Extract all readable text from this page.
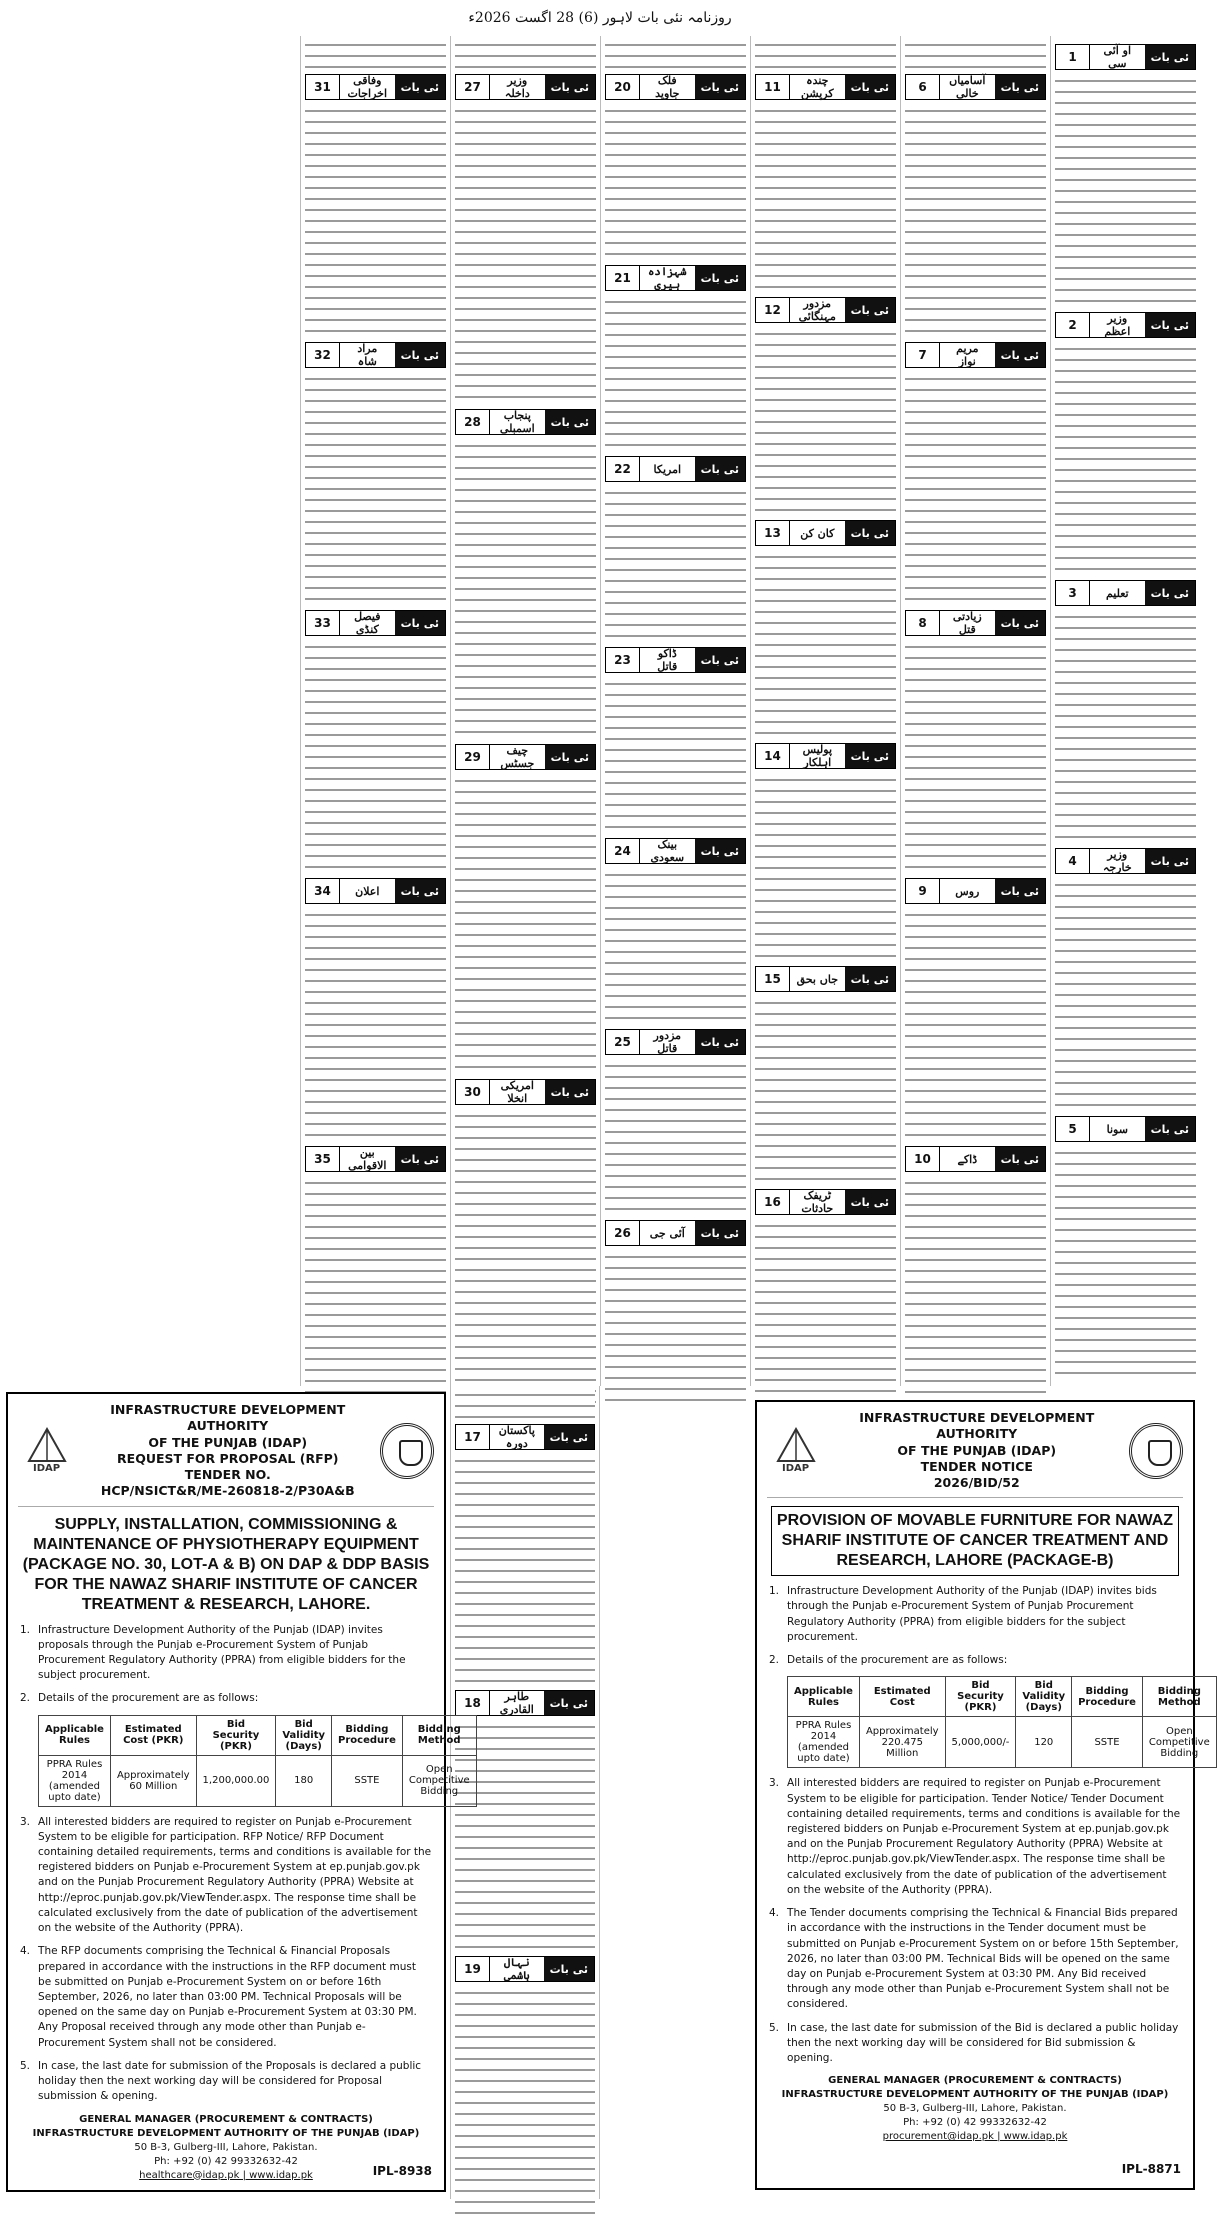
روزنامہ نئی بات لاہور (6) 28 اگست 2026ء
ئی بات
او آئی سی
1
ئی بات
وزیر اعظم
2
ئی بات
تعلیم
3
ئی بات
وزیر خارجہ
4
ئی بات
سونا
5
ئی بات
آسامیاں خالی
6
ئی بات
مریم نواز
7
ئی بات
زیادتی قتل
8
ئی بات
روس
9
ئی بات
ڈاکے
10
ئی بات
چندہ کرپشن
11
ئی بات
مزدور مہنگائی
12
ئی بات
کان کن
13
ئی بات
پولیس اہلکار
14
ئی بات
جاں بحق
15
ئی بات
ٹریفک حادثات
16
ئی بات
فلک جاوید
20
ئی بات
شہزادہ ہیری
21
ئی بات
امریکا
22
ئی بات
ڈاکو قاتل
23
ئی بات
بینک سعودی
24
ئی بات
مزدور قاتل
25
ئی بات
آئی جی
26
ئی بات
وزیر داخلہ
27
ئی بات
پنجاب اسمبلی
28
ئی بات
چیف جسٹس
29
ئی بات
امریکی انخلا
30
ئی بات
وفاقی اخراجات
31
ئی بات
مراد شاہ
32
ئی بات
فیصل کنڈی
33
ئی بات
اعلان
34
ئی بات
بین الاقوامی
35
ئی بات
پاکستان دورہ
17
ئی بات
طاہر القادری
18
ئی بات
نہال ہاشمی
19
IDAP
INFRASTRUCTURE DEVELOPMENT AUTHORITY
OF THE PUNJAB (IDAP)
REQUEST FOR PROPOSAL (RFP)
TENDER NO.
HCP/NSICT&R/ME-260818-2/P30A&B
SUPPLY, INSTALLATION, COMMISSIONING & MAINTENANCE OF PHYSIOTHERAPY EQUIPMENT (PACKAGE NO. 30, LOT-A & B) ON DAP & DDP BASIS FOR THE NAWAZ SHARIF INSTITUTE OF CANCER TREATMENT & RESEARCH, LAHORE.
1. Infrastructure Development Authority of the Punjab (IDAP) invites proposals through the Punjab e-Procurement System of Punjab Procurement Regulatory Authority (PPRA) from eligible bidders for the subject procurement.
2. Details of the procurement are as follows:
Applicable Rules	Estimated Cost (PKR)	Bid Security (PKR)	Bid Validity (Days)	Bidding Procedure	Bidding Method
PPRA Rules 2014 (amended upto date)	Approximately 60 Million	1,200,000.00	180	SSTE	Open Competitive Bidding
3. All interested bidders are required to register on Punjab e-Procurement System to be eligible for participation. RFP Notice/ RFP Document containing detailed requirements, terms and conditions is available for the registered bidders on Punjab e-Procurement System at ep.punjab.gov.pk and on the Punjab Procurement Regulatory Authority (PPRA) Website at http://eproc.punjab.gov.pk/ViewTender.aspx. The response time shall be calculated exclusively from the date of publication of the advertisement on the website of the Authority (PPRA).
4. The RFP documents comprising the Technical & Financial Proposals prepared in accordance with the instructions in the RFP document must be submitted on Punjab e-Procurement System on or before 16th September, 2026, no later than 03:00 PM. Technical Proposals will be opened on the same day on Punjab e-Procurement System at 03:30 PM. Any Proposal received through any mode other than Punjab e-Procurement System shall not be considered.
5. In case, the last date for submission of the Proposals is declared a public holiday then the next working day will be considered for Proposal submission & opening.
GENERAL MANAGER (PROCUREMENT & CONTRACTS)
INFRASTRUCTURE DEVELOPMENT AUTHORITY OF THE PUNJAB (IDAP)
50 B-3, Gulberg-III, Lahore, Pakistan.
Ph: +92 (0) 42 99332632-42
healthcare@idap.pk | www.idap.pk	IPL-8938
IDAP
INFRASTRUCTURE DEVELOPMENT AUTHORITY
OF THE PUNJAB (IDAP)
TENDER NOTICE
2026/BID/52
PROVISION OF MOVABLE FURNITURE FOR NAWAZ SHARIF INSTITUTE OF CANCER TREATMENT AND RESEARCH, LAHORE (PACKAGE-B)
1. Infrastructure Development Authority of the Punjab (IDAP) invites bids through the Punjab e-Procurement System of Punjab Procurement Regulatory Authority (PPRA) from eligible bidders for the subject procurement.
2. Details of the procurement are as follows:
Applicable Rules	Estimated Cost	Bid Security (PKR)	Bid Validity (Days)	Bidding Procedure	Bidding Method
PPRA Rules 2014 (amended upto date)	Approximately 220.475 Million	5,000,000/-	120	SSTE	Open Competitive Bidding
3. All interested bidders are required to register on Punjab e-Procurement System to be eligible for participation. Tender Notice/ Tender Document containing detailed requirements, terms and conditions is available for the registered bidders on Punjab e-Procurement System at ep.punjab.gov.pk and on the Punjab Procurement Regulatory Authority (PPRA) Website at http://eproc.punjab.gov.pk/ViewTender.aspx. The response time shall be calculated exclusively from the date of publication of the advertisement on the website of the Authority (PPRA).
4. The Tender documents comprising the Technical & Financial Bids prepared in accordance with the instructions in the Tender document must be submitted on Punjab e-Procurement System on or before 15th September, 2026, no later than 03:00 PM. Technical Bids will be opened on the same day on Punjab e-Procurement System at 03:30 PM. Any Bid received through any mode other than Punjab e-Procurement System shall not be considered.
5. In case, the last date for submission of the Bid is declared a public holiday then the next working day will be considered for Bid submission & opening.
GENERAL MANAGER (PROCUREMENT & CONTRACTS)
INFRASTRUCTURE DEVELOPMENT AUTHORITY OF THE PUNJAB (IDAP)
50 B-3, Gulberg-III, Lahore, Pakistan.
Ph: +92 (0) 42 99332632-42
procurement@idap.pk | www.idap.pk
IPL-8871
